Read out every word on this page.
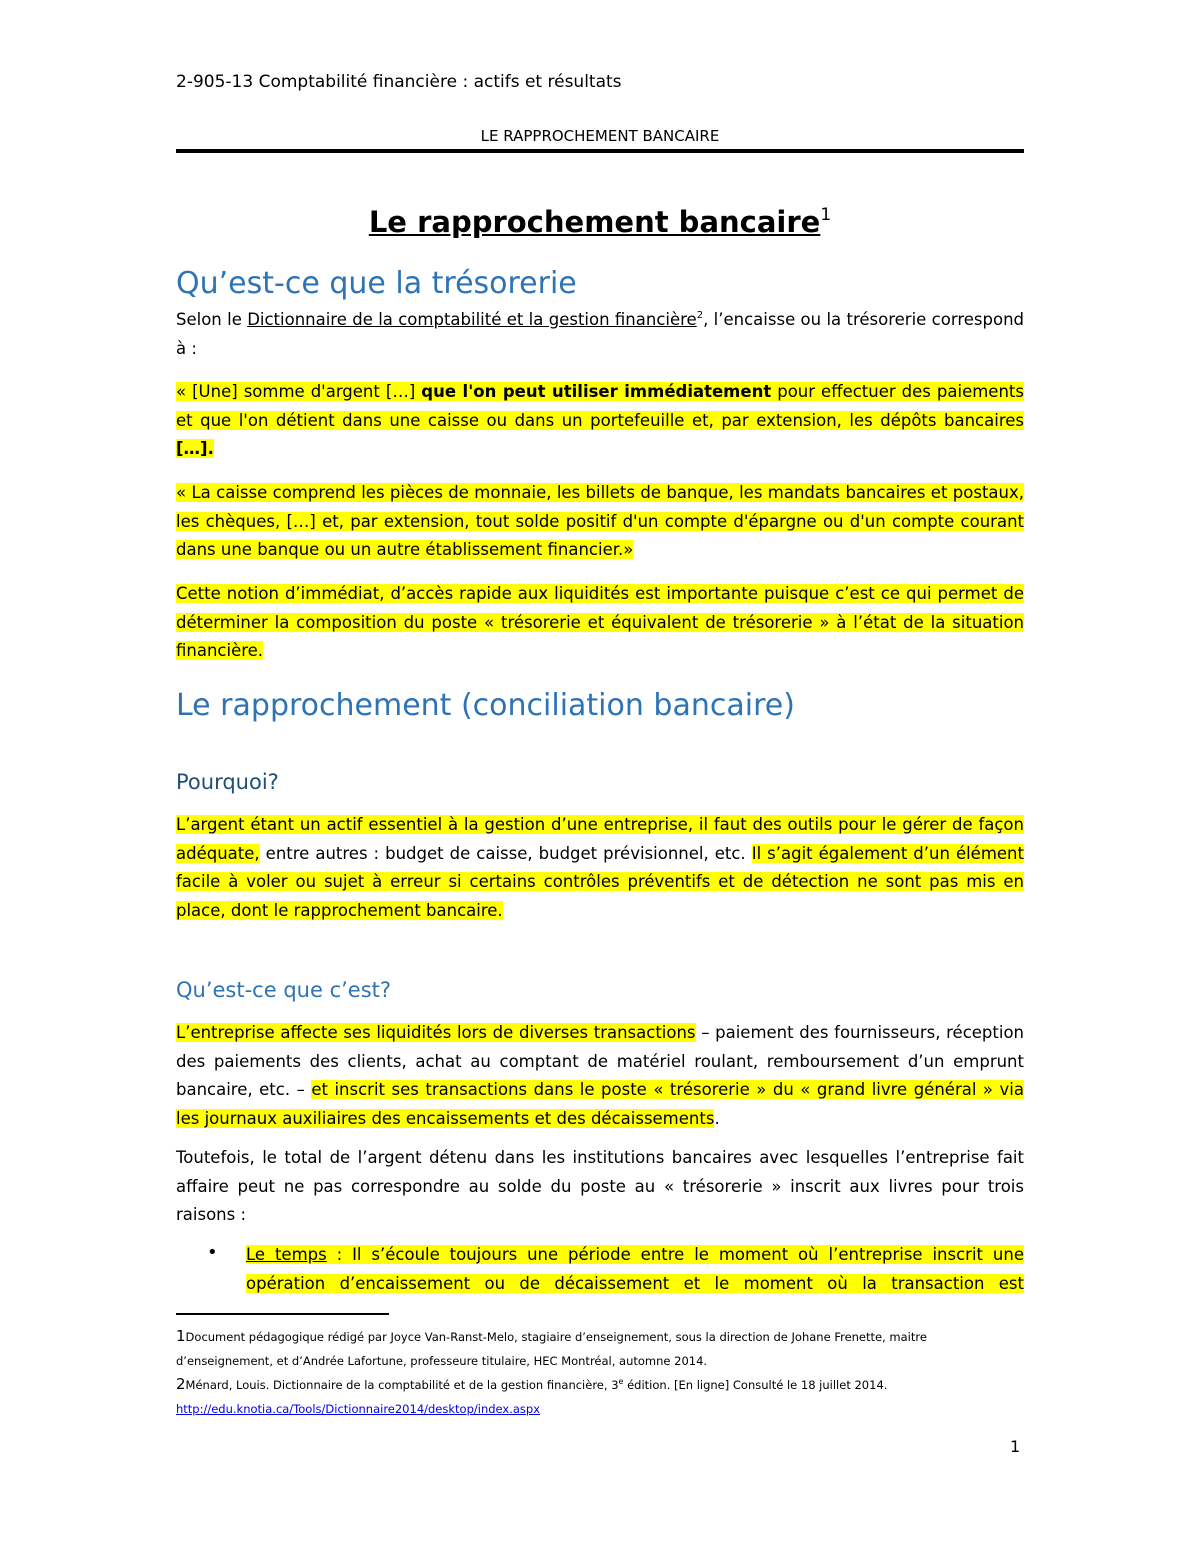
2-905-13 Comptabilité financière : actifs et résultats
LE RAPPROCHEMENT BANCAIRE
Le rapprochement bancaire$^1$
Qu’est-ce que la trésorerie
Selon le Dictionnaire de la comptabilité et la gestion financière$^2$, l’encaisse ou la trésorerie correspond à :
« [Une] somme d'argent […] que l'on peut utiliser immédiatement pour effectuer des paiements et que l'on détient dans une caisse ou dans un portefeuille et, par extension, les dépôts bancaires […].
« La caisse comprend les pièces de monnaie, les billets de banque, les mandats bancaires et postaux, les chèques, […] et, par extension, tout solde positif d'un compte d'épargne ou d'un compte courant dans une banque ou un autre établissement financier.»
Cette notion d’immédiat, d’accès rapide aux liquidités est importante puisque c’est ce qui permet de déterminer la composition du poste « trésorerie et équivalent de trésorerie » à l’état de la situation financière.
Le rapprochement (conciliation bancaire)
Pourquoi?
L’argent étant un actif essentiel à la gestion d’une entreprise, il faut des outils pour le gérer de façon adéquate, entre autres : budget de caisse, budget prévisionnel, etc. Il s’agit également d’un élément facile à voler ou sujet à erreur si certains contrôles préventifs et de détection ne sont pas mis en place, dont le rapprochement bancaire.
Qu’est-ce que c’est?
L’entreprise affecte ses liquidités lors de diverses transactions – paiement des fournisseurs, réception des paiements des clients, achat au comptant de matériel roulant, remboursement d’un emprunt bancaire, etc. – et inscrit ses transactions dans le poste « trésorerie » du « grand livre général » via les journaux auxiliaires des encaissements et des décaissements.
Toutefois, le total de l’argent détenu dans les institutions bancaires avec lesquelles l’entreprise fait affaire peut ne pas correspondre au solde du poste au « trésorerie » inscrit aux livres pour trois raisons :
• Le temps : Il s’écoule toujours une période entre le moment où l’entreprise inscrit une opération d’encaissement ou de décaissement et le moment où la transaction est
1Document pédagogique rédigé par Joyce Van-Ranst-Melo, stagiaire d’enseignement, sous la direction de Johane Frenette, maitre d’enseignement, et d’Andrée Lafortune, professeure titulaire, HEC Montréal, automne 2014.
2Ménard, Louis. Dictionnaire de la comptabilité et de la gestion financière, 3e édition. [En ligne] Consulté le 18 juillet 2014.
http://edu.knotia.ca/Tools/Dictionnaire2014/desktop/index.aspx
1
